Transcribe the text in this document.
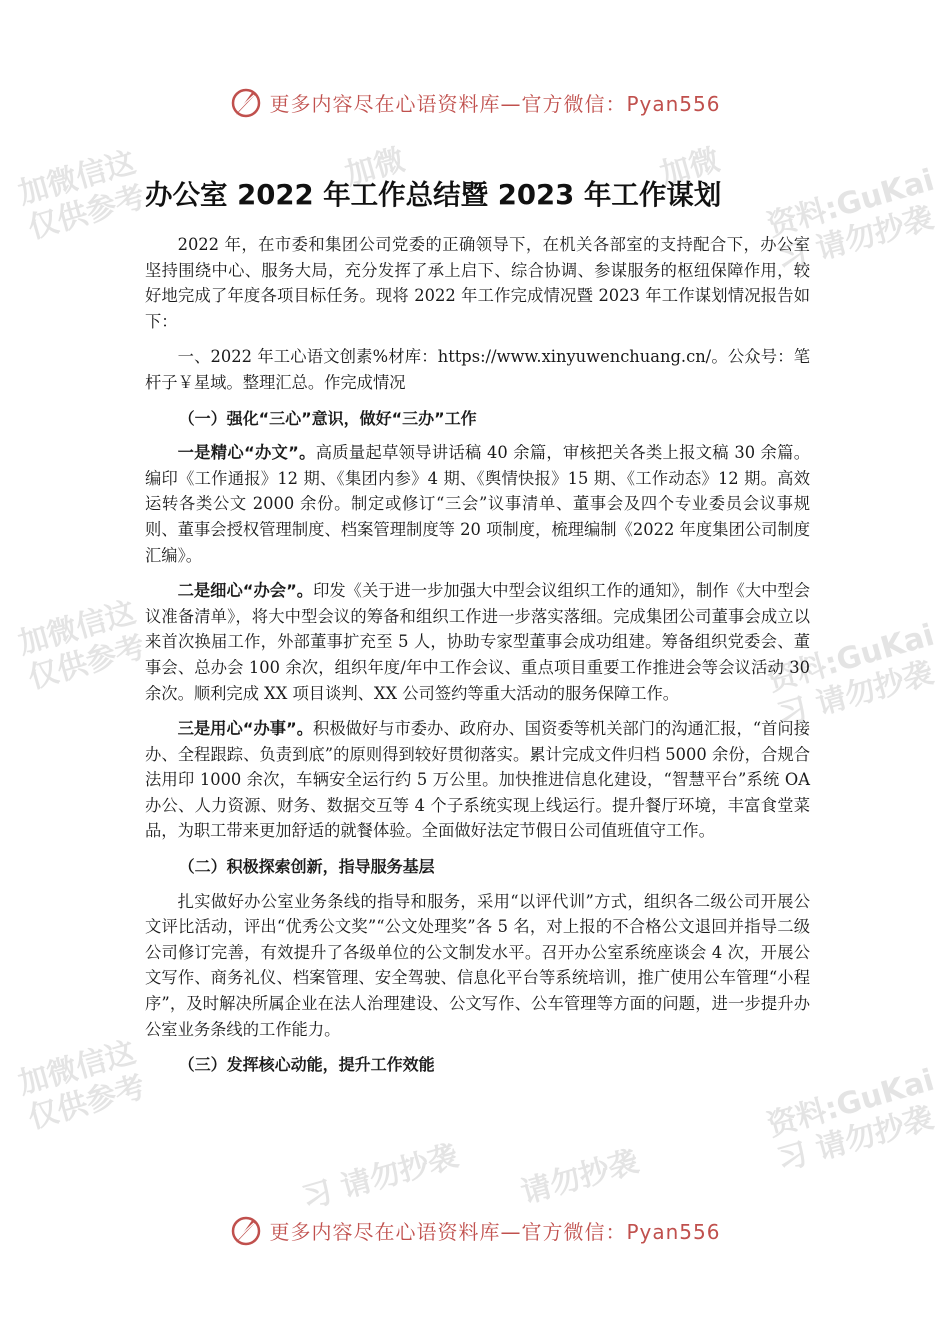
加微信这
仅供参考
加微信这
仅供参考
加微信这
仅供参考
资料:GuKai
习 请勿抄袭
资料:GuKai
习 请勿抄袭
资料:GuKai
习 请勿抄袭
加微	加微
习 请勿抄袭 请勿抄袭
更多内容尽在心语资料库—官方微信：Pyan556
办公室 2022 年工作总结暨 2023 年工作谋划

2022 年，在市委和集团公司党委的正确领导下，在机关各部室的支持配合下，办公室坚持围绕中心、服务大局，充分发挥了承上启下、综合协调、参谋服务的枢纽保障作用，较好地完成了年度各项目标任务。现将 2022 年工作完成情况暨 2023 年工作谋划情况报告如下：

一、2022 年工心语文创素%材库：https://www.xinyuwenchuang.cn/。公众号：笔杆子￥星域。整理汇总。作完成情况

（一）强化“三心”意识，做好“三办”工作

一是精心“办文”。高质量起草领导讲话稿 40 余篇，审核把关各类上报文稿 30 余篇。编印《工作通报》12 期、《集团内参》4 期、《舆情快报》15 期、《工作动态》12 期。高效运转各类公文 2000 余份。制定或修订“三会”议事清单、董事会及四个专业委员会议事规则、董事会授权管理制度、档案管理制度等 20 项制度，梳理编制《2022 年度集团公司制度汇编》。

二是细心“办会”。印发《关于进一步加强大中型会议组织工作的通知》，制作《大中型会议准备清单》，将大中型会议的筹备和组织工作进一步落实落细。完成集团公司董事会成立以来首次换届工作，外部董事扩充至 5 人，协助专家型董事会成功组建。筹备组织党委会、董事会、总办会 100 余次，组织年度/年中工作会议、重点项目重要工作推进会等会议活动 30 余次。顺利完成 XX 项目谈判、XX 公司签约等重大活动的服务保障工作。

三是用心“办事”。积极做好与市委办、政府办、国资委等机关部门的沟通汇报，“首问接办、全程跟踪、负责到底”的原则得到较好贯彻落实。累计完成文件归档 5000 余份，合规合法用印 1000 余次，车辆安全运行约 5 万公里。加快推进信息化建设，“智慧平台”系统 OA 办公、人力资源、财务、数据交互等 4 个子系统实现上线运行。提升餐厅环境，丰富食堂菜品，为职工带来更加舒适的就餐体验。全面做好法定节假日公司值班值守工作。

（二）积极探索创新，指导服务基层

扎实做好办公室业务条线的指导和服务，采用“以评代训”方式，组织各二级公司开展公文评比活动，评出“优秀公文奖”“公文处理奖”各 5 名，对上报的不合格公文退回并指导二级公司修订完善，有效提升了各级单位的公文制发水平。召开办公室系统座谈会 4 次，开展公文写作、商务礼仪、档案管理、安全驾驶、信息化平台等系统培训，推广使用公车管理“小程序”，及时解决所属企业在法人治理建设、公文写作、公车管理等方面的问题，进一步提升办公室业务条线的工作能力。

（三）发挥核心动能，提升工作效能

更多内容尽在心语资料库—官方微信：Pyan556
